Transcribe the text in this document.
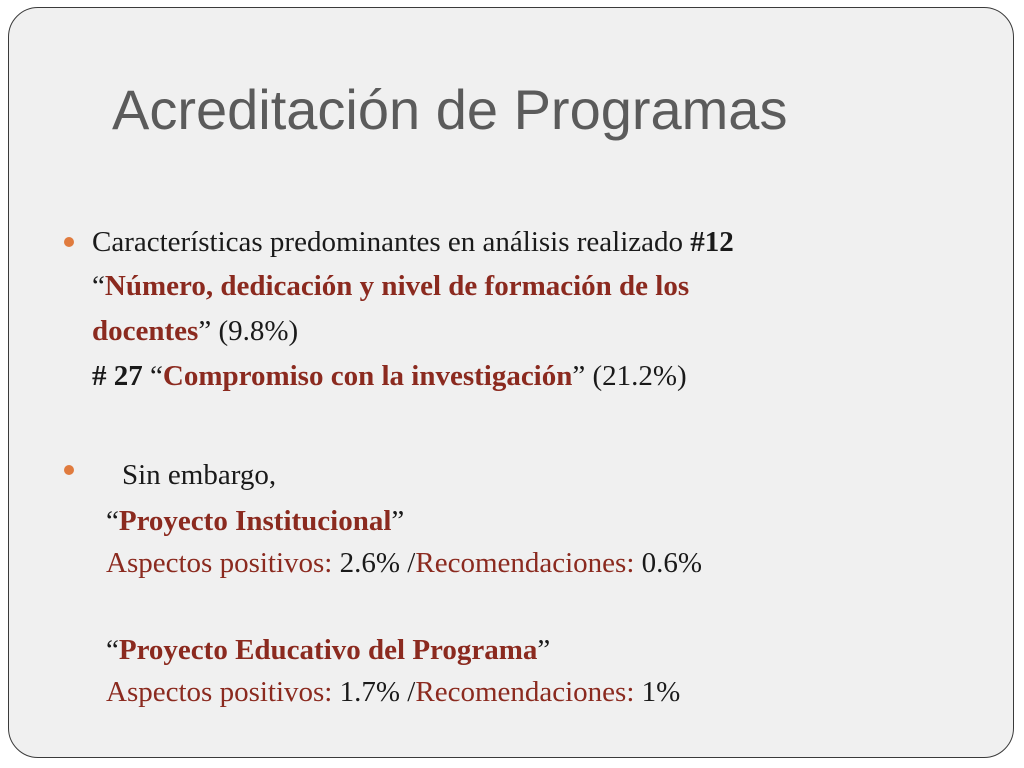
Acreditación de Programas
Características predominantes en análisis realizado #12
“Número, dedicación y nivel de formación de los
docentes” (9.8%)
# 27 “Compromiso con la investigación” (21.2%)
Sin embargo,
“Proyecto Institucional”
Aspectos positivos: 2.6% /Recomendaciones: 0.6%
“Proyecto Educativo del Programa”
Aspectos positivos: 1.7% /Recomendaciones: 1%
